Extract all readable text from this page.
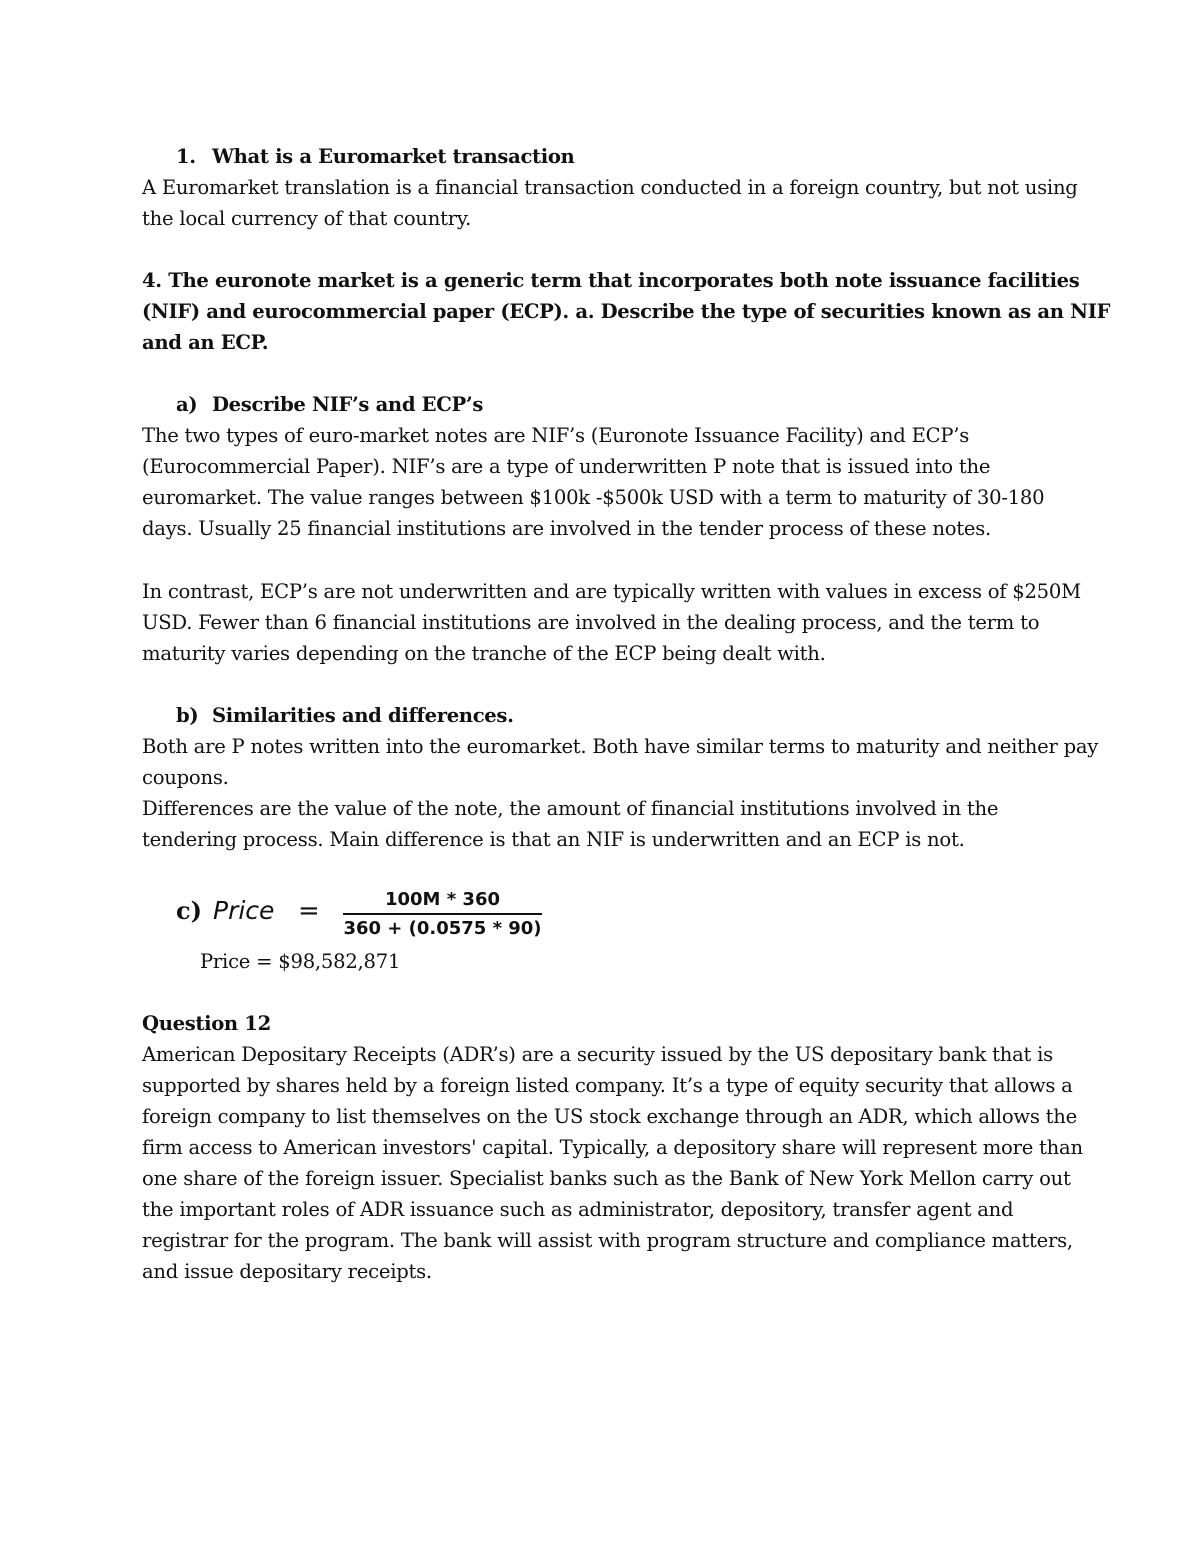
1. What is a Euromarket transaction
A Euromarket translation is a financial transaction conducted in a foreign country, but not using
the local currency of that country.
4. The euronote market is a generic term that incorporates both note issuance facilities
(NIF) and eurocommercial paper (ECP). a. Describe the type of securities known as an NIF
and an ECP.
a) Describe NIF’s and ECP’s
The two types of euro-market notes are NIF’s (Euronote Issuance Facility) and ECP’s
(Eurocommercial Paper). NIF’s are a type of underwritten P note that is issued into the
euromarket. The value ranges between $100k -$500k USD with a term to maturity of 30-180
days. Usually 25 financial institutions are involved in the tender process of these notes.
In contrast, ECP’s are not underwritten and are typically written with values in excess of $250M
USD. Fewer than 6 financial institutions are involved in the dealing process, and the term to
maturity varies depending on the tranche of the ECP being dealt with.
b) Similarities and differences.
Both are P notes written into the euromarket. Both have similar terms to maturity and neither pay
coupons.
Differences are the value of the note, the amount of financial institutions involved in the
tendering process. Main difference is that an NIF is underwritten and an ECP is not.
c) Price =	100M * 360
360 + (0.0575 * 90)
Price = $98,582,871
Question 12
American Depositary Receipts (ADR’s) are a security issued by the US depositary bank that is
supported by shares held by a foreign listed company. It’s a type of equity security that allows a
foreign company to list themselves on the US stock exchange through an ADR, which allows the
firm access to American investors' capital. Typically, a depository share will represent more than
one share of the foreign issuer. Specialist banks such as the Bank of New York Mellon carry out
the important roles of ADR issuance such as administrator, depository, transfer agent and
registrar for the program. The bank will assist with program structure and compliance matters,
and issue depositary receipts.
